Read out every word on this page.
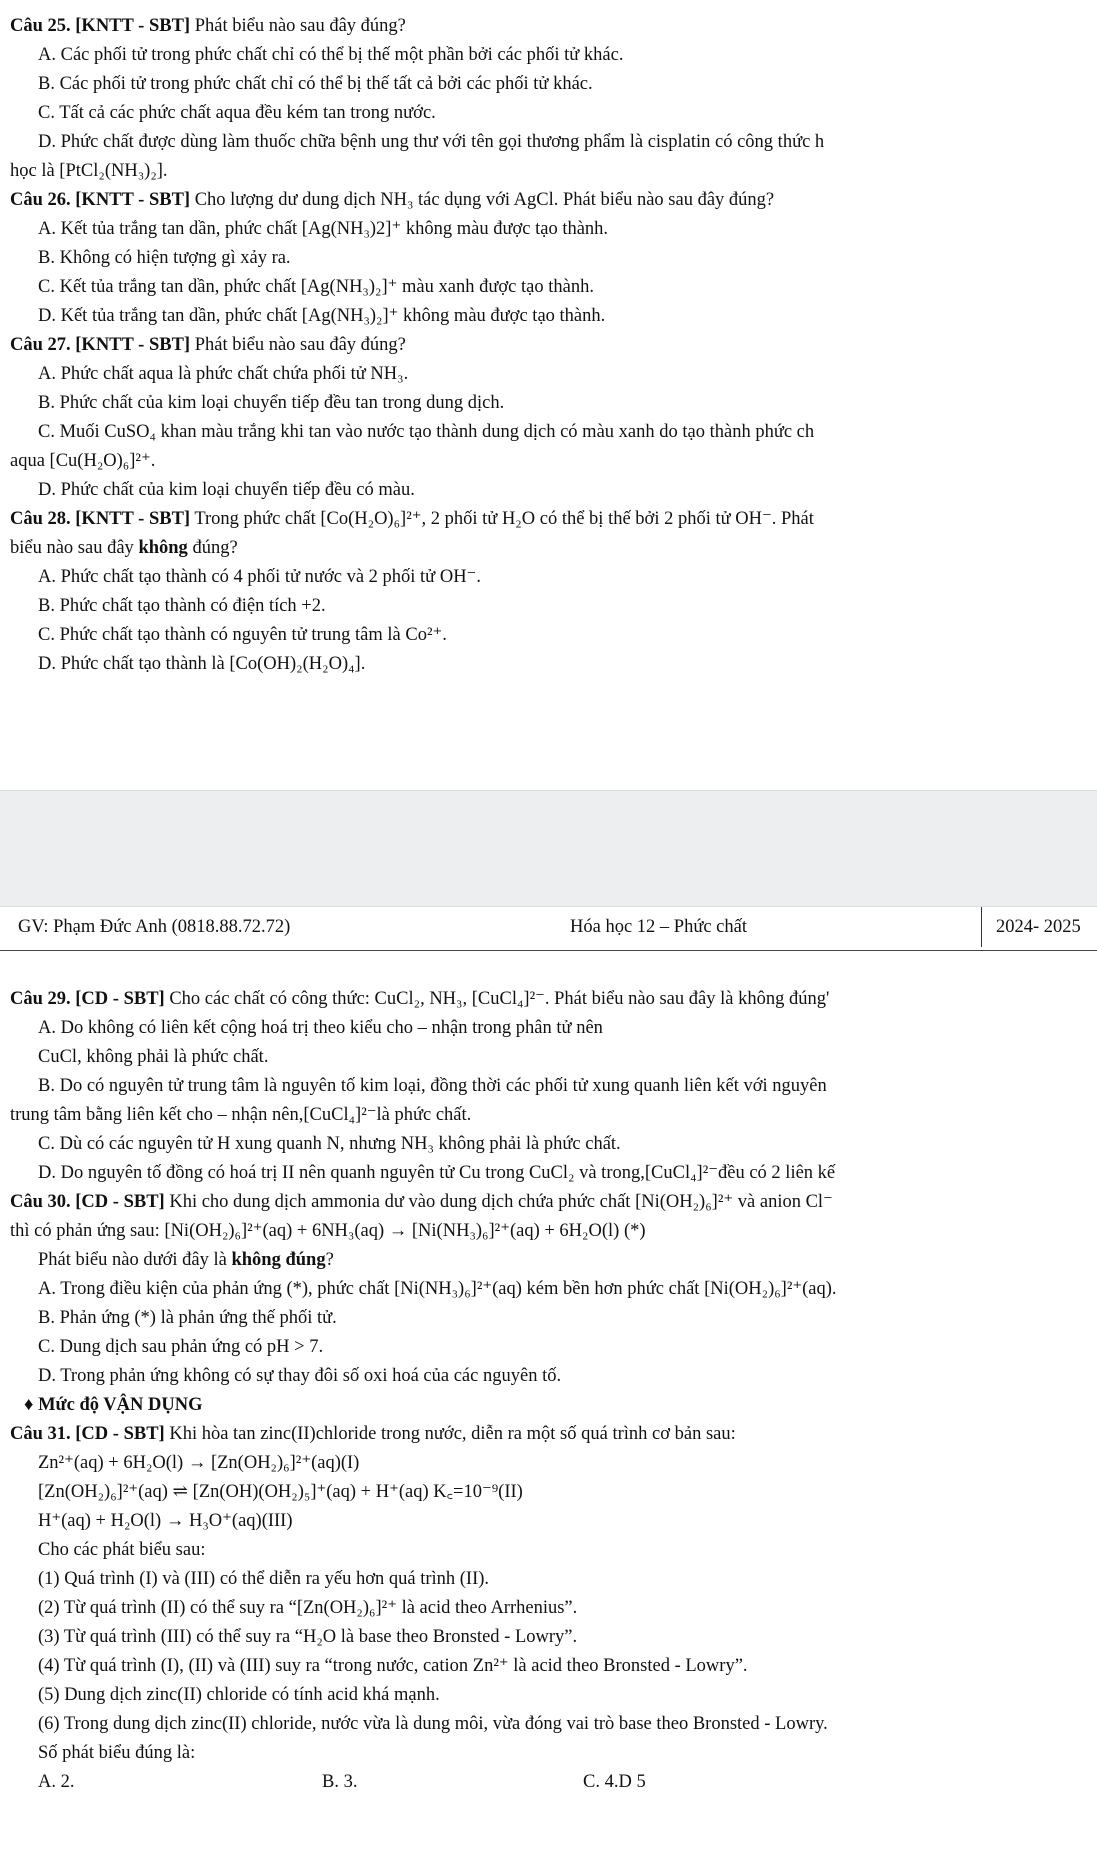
Câu 25. [KNTT - SBT] Phát biểu nào sau đây đúng?
A. Các phối tử trong phức chất chỉ có thể bị thế một phần bởi các phối tử khác.
B. Các phối tử trong phức chất chỉ có thể bị thế tất cả bởi các phối tử khác.
C. Tất cả các phức chất aqua đều kém tan trong nước.
D. Phức chất được dùng làm thuốc chữa bệnh ung thư với tên gọi thương phẩm là cisplatin có công thức h
học là [PtCl₂(NH₃)₂].
Câu 26. [KNTT - SBT] Cho lượng dư dung dịch NH₃ tác dụng với AgCl. Phát biểu nào sau đây đúng?
A. Kết tủa trắng tan dần, phức chất [Ag(NH₃)2]⁺ không màu được tạo thành.
B. Không có hiện tượng gì xảy ra.
C. Kết tủa trắng tan dần, phức chất [Ag(NH₃)₂]⁺ màu xanh được tạo thành.
D. Kết tủa trắng tan dần, phức chất [Ag(NH₃)₂]⁺ không màu được tạo thành.
Câu 27. [KNTT - SBT] Phát biểu nào sau đây đúng?
A. Phức chất aqua là phức chất chứa phối tử NH₃.
B. Phức chất của kim loại chuyển tiếp đều tan trong dung dịch.
C. Muối CuSO₄ khan màu trắng khi tan vào nước tạo thành dung dịch có màu xanh do tạo thành phức ch
aqua [Cu(H₂O)₆]²⁺.
D. Phức chất của kim loại chuyển tiếp đều có màu.
Câu 28. [KNTT - SBT] Trong phức chất [Co(H₂O)₆]²⁺, 2 phối tử H₂O có thể bị thế bởi 2 phối tử OH⁻. Phát
biểu nào sau đây không đúng?
A. Phức chất tạo thành có 4 phối tử nước và 2 phối tử OH⁻.
B. Phức chất tạo thành có điện tích +2.
C. Phức chất tạo thành có nguyên tử trung tâm là Co²⁺.
D. Phức chất tạo thành là [Co(OH)₂(H₂O)₄].
GV: Phạm Đức Anh (0818.88.72.72)	Hóa học 12 – Phức chất	2024- 2025
Câu 29. [CD - SBT] Cho các chất có công thức: CuCl₂, NH₃, [CuCl₄]²⁻. Phát biểu nào sau đây là không đúng'
A. Do không có liên kết cộng hoá trị theo kiểu cho – nhận trong phân tử nên
CuCl, không phải là phức chất.
B. Do có nguyên tử trung tâm là nguyên tố kim loại, đồng thời các phối tử xung quanh liên kết với nguyên
trung tâm bằng liên kết cho – nhận nên,[CuCl₄]²⁻là phức chất.
C. Dù có các nguyên tử H xung quanh N, nhưng NH₃ không phải là phức chất.
D. Do nguyên tố đồng có hoá trị II nên quanh nguyên tử Cu trong CuCl₂ và trong,[CuCl₄]²⁻đều có 2 liên kế
Câu 30. [CD - SBT] Khi cho dung dịch ammonia dư vào dung dịch chứa phức chất [Ni(OH₂)₆]²⁺ và anion Cl⁻
thì có phản ứng sau: [Ni(OH₂)₆]²⁺(aq) + 6NH₃(aq) → [Ni(NH₃)₆]²⁺(aq) + 6H₂O(l) (*)
Phát biểu nào dưới đây là không đúng?
A. Trong điều kiện của phản ứng (*), phức chất [Ni(NH₃)₆]²⁺(aq) kém bền hơn phức chất [Ni(OH₂)₆]²⁺(aq).
B. Phản ứng (*) là phản ứng thế phối tử.
C. Dung dịch sau phản ứng có pH > 7.
D. Trong phản ứng không có sự thay đôi số oxi hoá của các nguyên tố.
♦ Mức độ VẬN DỤNG
Câu 31. [CD - SBT] Khi hòa tan zinc(II)chloride trong nước, diễn ra một số quá trình cơ bản sau:
Zn²⁺(aq) + 6H₂O(l) → [Zn(OH₂)₆]²⁺(aq)(I)
[Zn(OH₂)₆]²⁺(aq) ⇌ [Zn(OH)(OH₂)₅]⁺(aq) + H⁺(aq) K꜀=10⁻⁹(II)
H⁺(aq) + H₂O(l) → H₃O⁺(aq)(III)
Cho các phát biểu sau:
(1) Quá trình (I) và (III) có thể diễn ra yếu hơn quá trình (II).
(2) Từ quá trình (II) có thể suy ra “[Zn(OH₂)₆]²⁺ là acid theo Arrhenius”.
(3) Từ quá trình (III) có thể suy ra “H₂O là base theo Bronsted - Lowry”.
(4) Từ quá trình (I), (II) và (III) suy ra “trong nước, cation Zn²⁺ là acid theo Bronsted - Lowry”.
(5) Dung dịch zinc(II) chloride có tính acid khá mạnh.
(6) Trong dung dịch zinc(II) chloride, nước vừa là dung môi, vừa đóng vai trò base theo Bronsted - Lowry.
Số phát biểu đúng là:
A. 2.	B. 3.	C. 4.D 5
